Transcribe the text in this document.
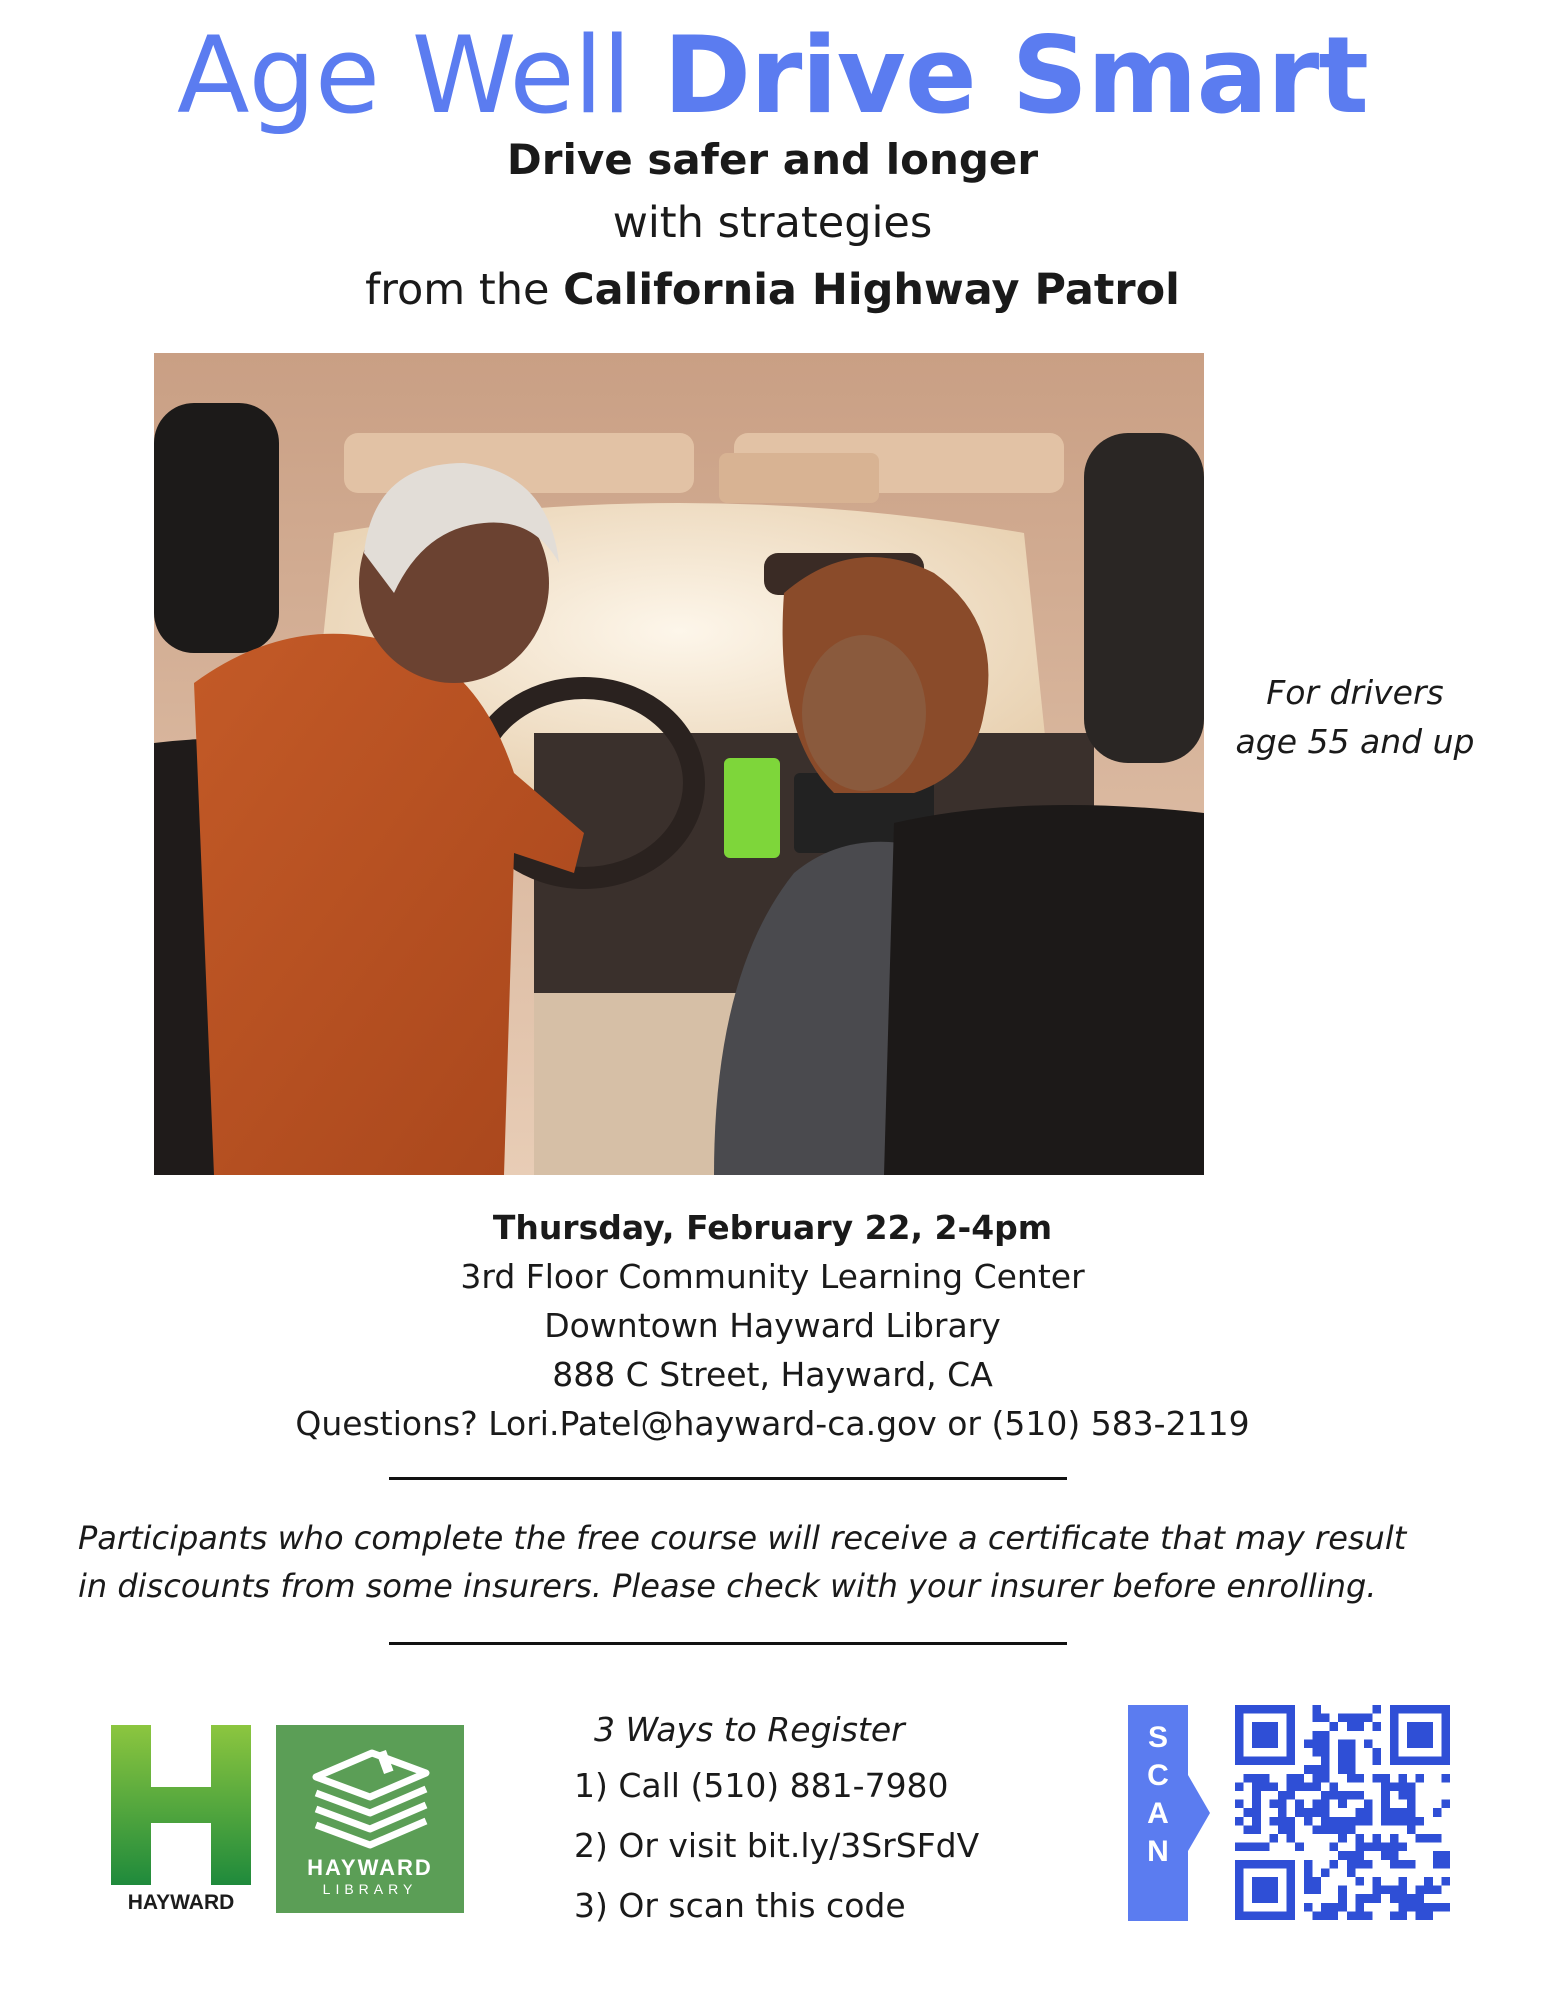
Age Well Drive Smart
Drive safer and longer
with strategies
from the California Highway Patrol
For drivers
age 55 and up
Thursday, February 22, 2-4pm
3rd Floor Community Learning Center
Downtown Hayward Library
888 C Street, Hayward, CA
Questions? Lori.Patel@hayward-ca.gov or (510) 583-2119
Participants who complete the free course will receive a certificate that may result
in discounts from some insurers. Please check with your insurer before enrolling.
HAYWARD
HAYWARD
LIBRARY
3 Ways to Register
1) Call (510) 881-7980
2) Or visit bit.ly/3SrSFdV
3) Or scan this code
S
C
A
N
